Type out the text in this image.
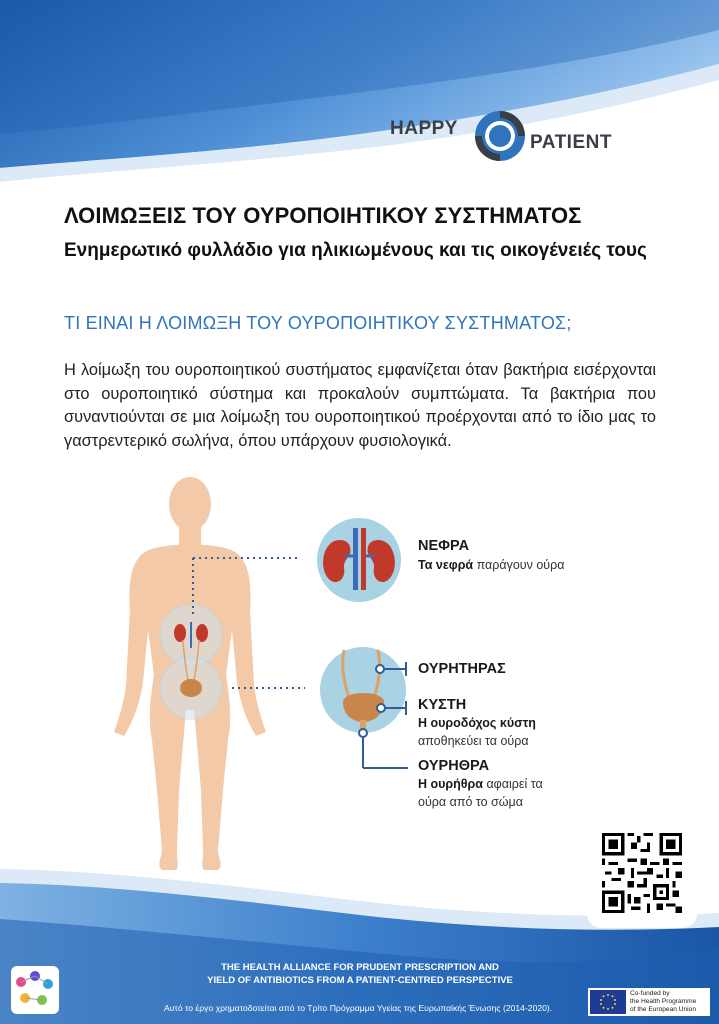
HAPPY
PATIENT
ΛΟΙΜΩΞΕΙΣ ΤΟΥ ΟΥΡΟΠΟΙΗΤΙΚΟΥ ΣΥΣΤΗΜΑΤΟΣ
Ενημερωτικό φυλλάδιο για ηλικιωμένους και τις οικογένειές τους
ΤΙ ΕΙΝΑΙ Η ΛΟΙΜΩΞΗ ΤΟΥ ΟΥΡΟΠΟΙΗΤΙΚΟΥ ΣΥΣΤΗΜΑΤΟΣ;

Η λοίμωξη του ουροποιητικού συστήματος εμφανίζεται όταν βακτήρια εισέρχονται στο ουροποιητικό σύστημα και προκαλούν συμπτώματα. Τα βακτήρια που συναντιούνται σε μια λοίμωξη του ουροποιητικού προέρχονται από το ίδιο μας το γαστρεντερικό σωλήνα, όπου υπάρχουν φυσιολογικά.

ΝΕΦΡΑ
Τα νεφρά παράγουν ούρα
ΟΥΡΗΤΗΡΑΣ
ΚΥΣΤΗ
Η ουροδόχος κύστη
αποθηκεύει τα ούρα
ΟΥΡΗΘΡΑ
Η ουρήθρα αφαιρεί τα
ούρα από το σώμα
THE HEALTH ALLIANCE FOR PRUDENT PRESCRIPTION AND
YIELD OF ANTIBIOTICS FROM A PATIENT-CENTRED PERSPECTIVE
Αυτό το έργο χρηματοδοτείται από το Τρίτο Πρόγραμμα Υγείας της Ευρωπαϊκής Ένωσης (2014-2020).
Co-funded by
the Health Programme
of the European Union
